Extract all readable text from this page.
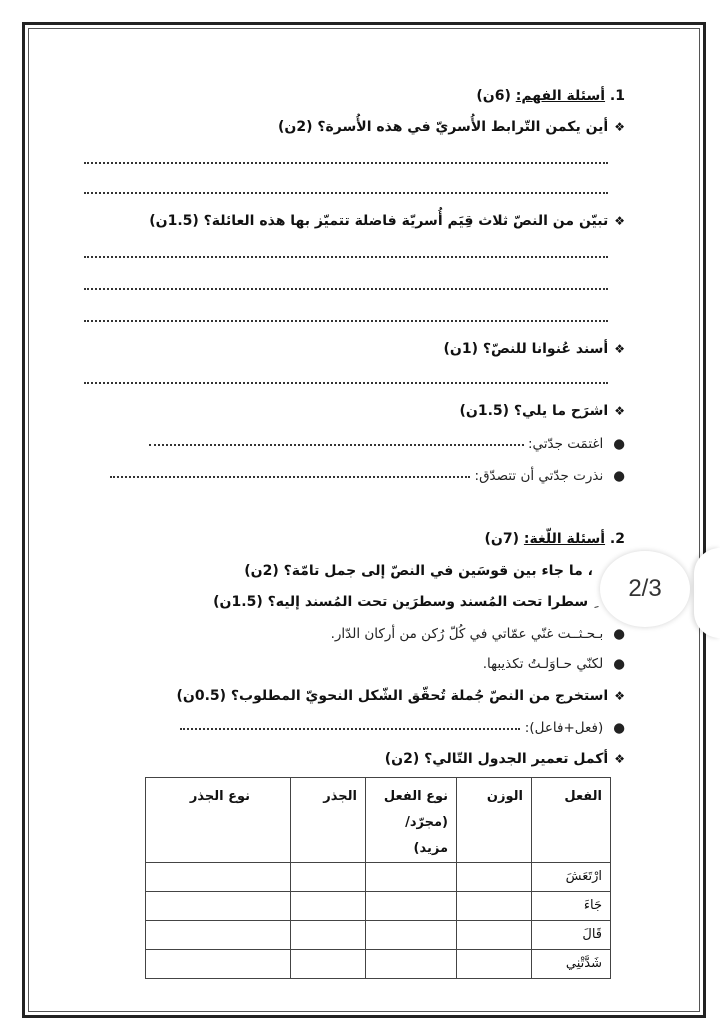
1. أسئلة الفهم: (6ن)
❖أين يكمن التّرابط الأُسريّ في هذه الأُسرة؟ (2ن)
❖تبيّن من النصّ ثلاث قِيَم أُسريّة فاضلة تتميّز بها هذه العائلة؟ (1.5ن)
❖أسند عُنوانا للنصّ؟ (1ن)
❖اشرَح ما يلي؟ (1.5ن)
●اغتمَت جدّتي:
●نذرت جدّتي أن تتصدّق:
2. أسئلة اللّغة: (7ن)
، ما جاء بين قوسَين في النصّ إلى جمل تامّة؟ (2ن)
ِ سطرا تحت المُسند وسطرَين تحت المُسند إليه؟ (1.5ن)
●بـحـثــت غنّي عمّاتي في كُلّ رُكن من أركان الدّار.
●لكنّي حـاوَلـتُ تكذيبها.
❖استخرج من النصّ جُملة تُحقّق الشّكل النحويّ المطلوب؟ (0.5ن)
●(فعل+فاعل):
❖أكمل تعمير الجدول التّالي؟ (2ن)
الفعل	الوزن	نوع الفعل (مجرّد/مزيد)	الجذر	نوع الجذر
ارْتَعَشَ				
جَاءَ				
قَالَ				
شَدَّتْنِي				
2/3
